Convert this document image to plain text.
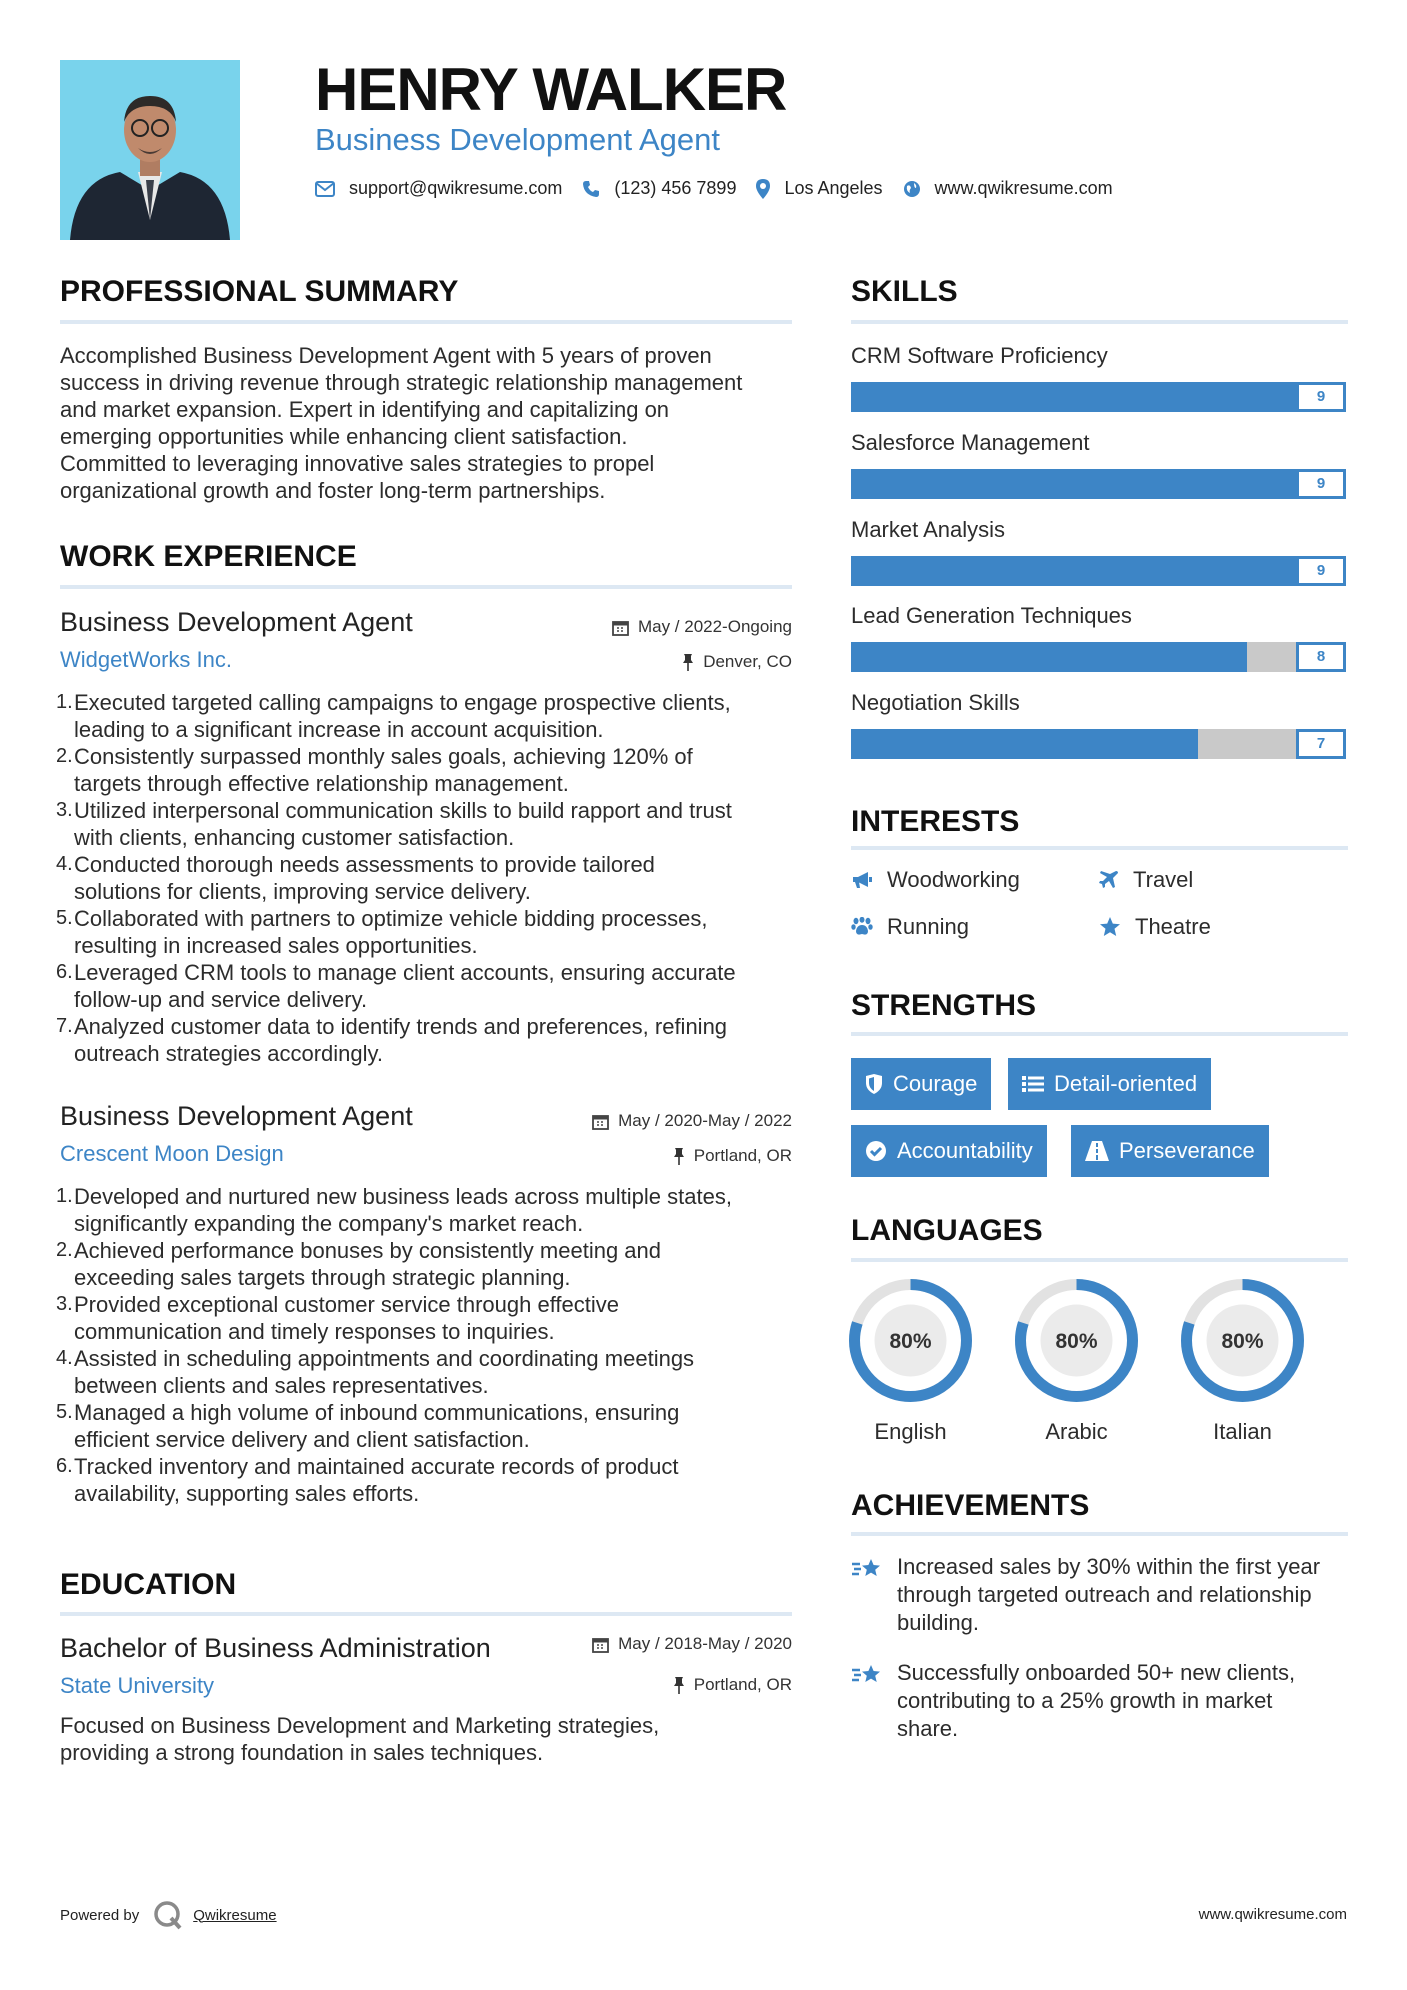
HENRY WALKER
Business Development Agent
support@qwikresume.com	(123) 456 7899	Los Angeles	www.qwikresume.com
PROFESSIONAL SUMMARY
Accomplished Business Development Agent with 5 years of proven
success in driving revenue through strategic relationship management
and market expansion. Expert in identifying and capitalizing on
emerging opportunities while enhancing client satisfaction.
Committed to leveraging innovative sales strategies to propel
organizational growth and foster long-term partnerships.
WORK EXPERIENCE
Business Development Agent	May / 2022-Ongoing
WidgetWorks Inc.	Denver, CO
1. Executed targeted calling campaigns to engage prospective clients,
leading to a significant increase in account acquisition.
2. Consistently surpassed monthly sales goals, achieving 120% of
targets through effective relationship management.
3. Utilized interpersonal communication skills to build rapport and trust
with clients, enhancing customer satisfaction.
4. Conducted thorough needs assessments to provide tailored
solutions for clients, improving service delivery.
5. Collaborated with partners to optimize vehicle bidding processes,
resulting in increased sales opportunities.
6. Leveraged CRM tools to manage client accounts, ensuring accurate
follow-up and service delivery.
7. Analyzed customer data to identify trends and preferences, refining
outreach strategies accordingly.
Business Development Agent	May / 2020-May / 2022
Crescent Moon Design	Portland, OR
1. Developed and nurtured new business leads across multiple states,
significantly expanding the company's market reach.
2. Achieved performance bonuses by consistently meeting and
exceeding sales targets through strategic planning.
3. Provided exceptional customer service through effective
communication and timely responses to inquiries.
4. Assisted in scheduling appointments and coordinating meetings
between clients and sales representatives.
5. Managed a high volume of inbound communications, ensuring
efficient service delivery and client satisfaction.
6. Tracked inventory and maintained accurate records of product
availability, supporting sales efforts.
EDUCATION
Bachelor of Business Administration	May / 2018-May / 2020
State University	Portland, OR
Focused on Business Development and Marketing strategies,
providing a strong foundation in sales techniques.
SKILLS
CRM Software Proficiency
9
Salesforce Management
9
Market Analysis
9
Lead Generation Techniques
8
Negotiation Skills
7
INTERESTS
Woodworking	Travel
Running	Theatre
STRENGTHS
Courage	Detail-oriented
Accountability	Perseverance
LANGUAGES
80%
English
80%
Arabic
80%
Italian
ACHIEVEMENTS
Increased sales by 30% within the first year
through targeted outreach and relationship
building.
Successfully onboarded 50+ new clients,
contributing to a 25% growth in market
share.
Powered by	Qwikresume	www.qwikresume.com
